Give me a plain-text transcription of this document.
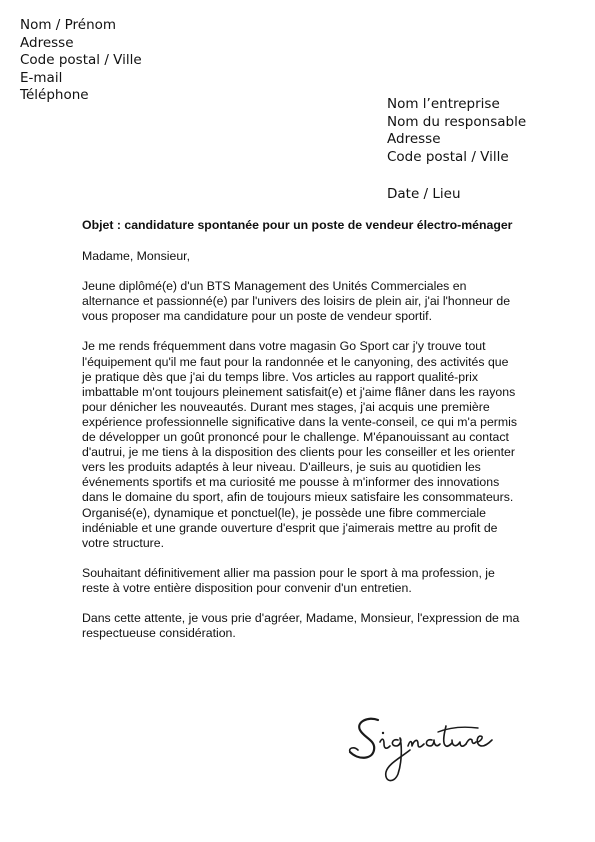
Nom / Prénom
Adresse
Code postal / Ville
E-mail
Téléphone
Nom l’entreprise
Nom du responsable
Adresse
Code postal / Ville
Date / Lieu

Objet : candidature spontanée pour un poste de vendeur électro-ménager

Madame, Monsieur,

Jeune diplômé(e) d'un BTS Management des Unités Commerciales en alternance et passionné(e) par l'univers des loisirs de plein air, j'ai l'honneur de vous proposer ma candidature pour un poste de vendeur sportif.

Je me rends fréquemment dans votre magasin Go Sport car j'y trouve tout l'équipement qu'il me faut pour la randonnée et le canyoning, des activités que je pratique dès que j'ai du temps libre. Vos articles au rapport qualité-prix imbattable m'ont toujours pleinement satisfait(e) et j'aime flâner dans les rayons pour dénicher les nouveautés. Durant mes stages, j'ai acquis une première expérience professionnelle significative dans la vente-conseil, ce qui m'a permis de développer un goût prononcé pour le challenge. M'épanouissant au contact d'autrui, je me tiens à la disposition des clients pour les conseiller et les orienter vers les produits adaptés à leur niveau. D'ailleurs, je suis au quotidien les événements sportifs et ma curiosité me pousse à m'informer des innovations dans le domaine du sport, afin de toujours mieux satisfaire les consommateurs. Organisé(e), dynamique et ponctuel(le), je possède une fibre commerciale indéniable et une grande ouverture d'esprit que j'aimerais mettre au profit de votre structure.

Souhaitant définitivement allier ma passion pour le sport à ma profession, je reste à votre entière disposition pour convenir d'un entretien.

Dans cette attente, je vous prie d'agréer, Madame, Monsieur, l'expression de ma respectueuse considération.
